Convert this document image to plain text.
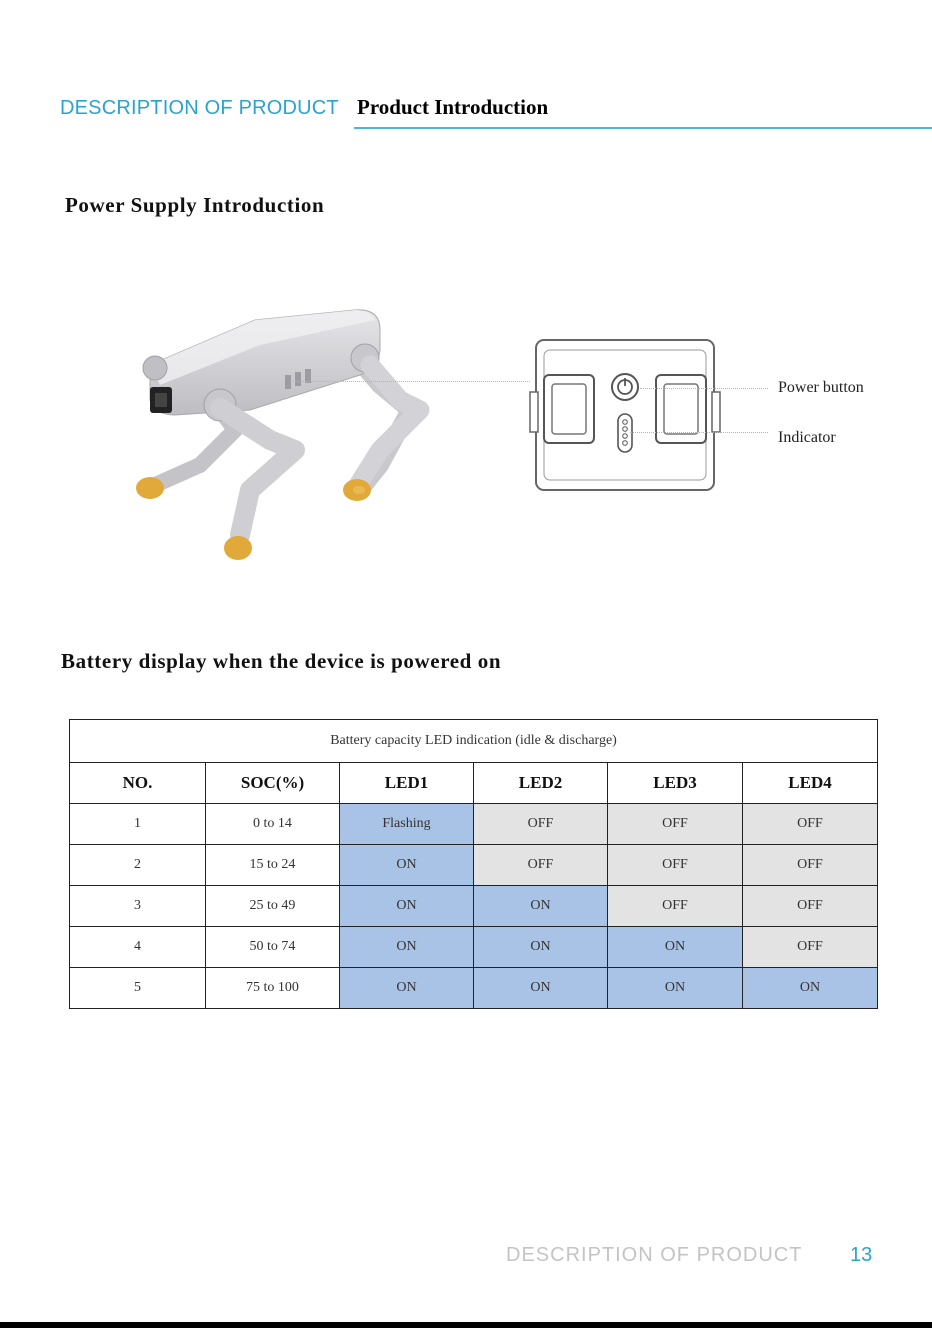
DESCRIPTION OF PRODUCT Product Introduction
Power Supply Introduction
Power button
Indicator
Battery display when the device is powered on
Battery capacity LED indication (idle & discharge)					
NO.	SOC(%)	LED1	LED2	LED3	LED4
1	0 to 14	Flashing	OFF	OFF	OFF
2	15 to 24	ON	OFF	OFF	OFF
3	25 to 49	ON	ON	OFF	OFF
4	50 to 74	ON	ON	ON	OFF
5	75 to 100	ON	ON	ON	ON
DESCRIPTION OF PRODUCT 13
